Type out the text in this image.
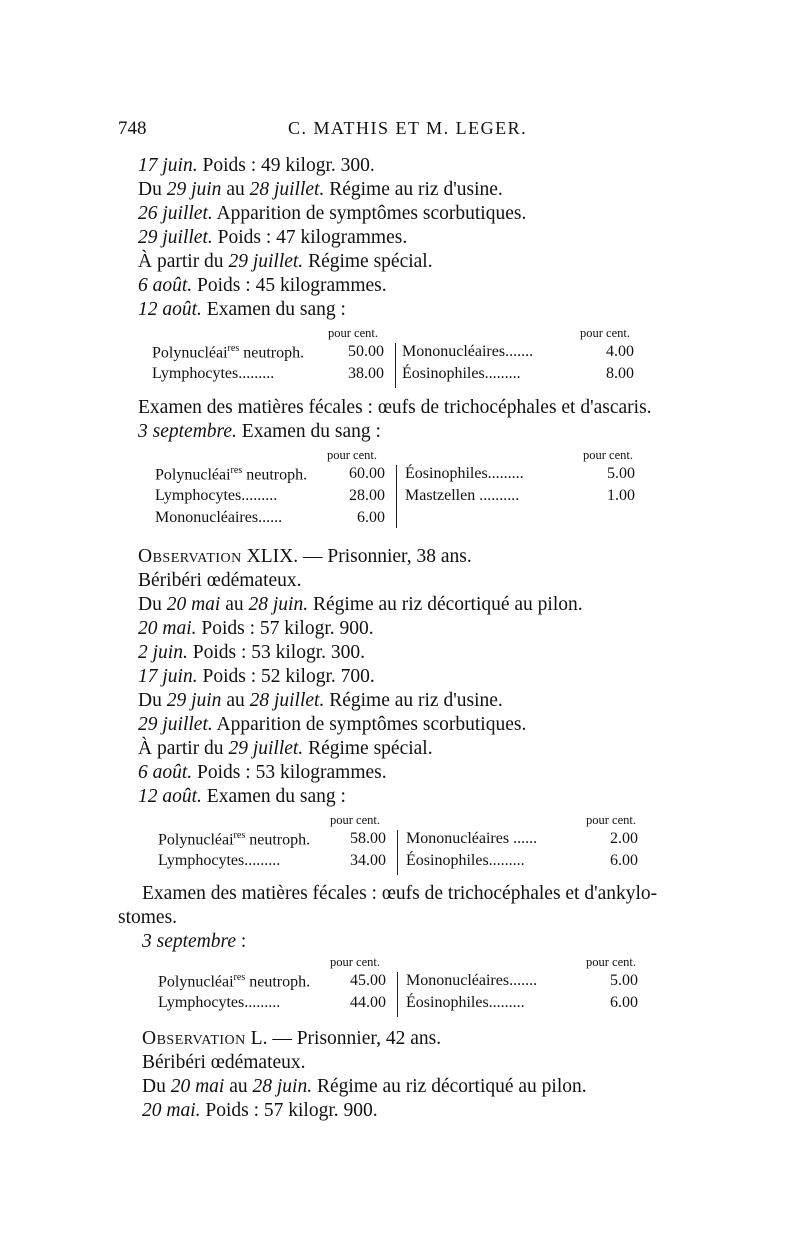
748	C. MATHIS ET M. LEGER.
17 juin. Poids : 49 kilogr. 300.
Du 29 juin au 28 juillet. Régime au riz d'usine.
26 juillet. Apparition de symptômes scorbutiques.
29 juillet. Poids : 47 kilogrammes.
À partir du 29 juillet. Régime spécial.
6 août. Poids : 45 kilogrammes.
12 août. Examen du sang :
pour cent.	pour cent.
Polynucléai$^{res}$ neutroph.	50.00 Mononucléaires.......	4.00
Lymphocytes.........	38.00 Éosinophiles.........	8.00
Examen des matières fécales : œufs de trichocéphales et d'ascaris.
3 septembre. Examen du sang :
pour cent.	pour cent.
Polynucléai$^{res}$ neutroph.	60.00 Éosinophiles.........	5.00
Lymphocytes.........	28.00 Mastzellen ..........	1.00
Mononucléaires......	6.00
Observation XLIX. — Prisonnier, 38 ans.
Béribéri œdémateux.
Du 20 mai au 28 juin. Régime au riz décortiqué au pilon.
20 mai. Poids : 57 kilogr. 900.
2 juin. Poids : 53 kilogr. 300.
17 juin. Poids : 52 kilogr. 700.
Du 29 juin au 28 juillet. Régime au riz d'usine.
29 juillet. Apparition de symptômes scorbutiques.
À partir du 29 juillet. Régime spécial.
6 août. Poids : 53 kilogrammes.
12 août. Examen du sang :
pour cent.	pour cent.
Polynucléai$^{res}$ neutroph.	58.00 Mononucléaires ......	2.00
Lymphocytes.........	34.00 Éosinophiles.........	6.00
Examen des matières fécales : œufs de trichocéphales et d'ankylo-
stomes.
3 septembre :
pour cent.	pour cent.
Polynucléai$^{res}$ neutroph.	45.00 Mononucléaires.......	5.00
Lymphocytes.........	44.00 Éosinophiles.........	6.00
Observation L. — Prisonnier, 42 ans.
Béribéri œdémateux.
Du 20 mai au 28 juin. Régime au riz décortiqué au pilon.
20 mai. Poids : 57 kilogr. 900.
